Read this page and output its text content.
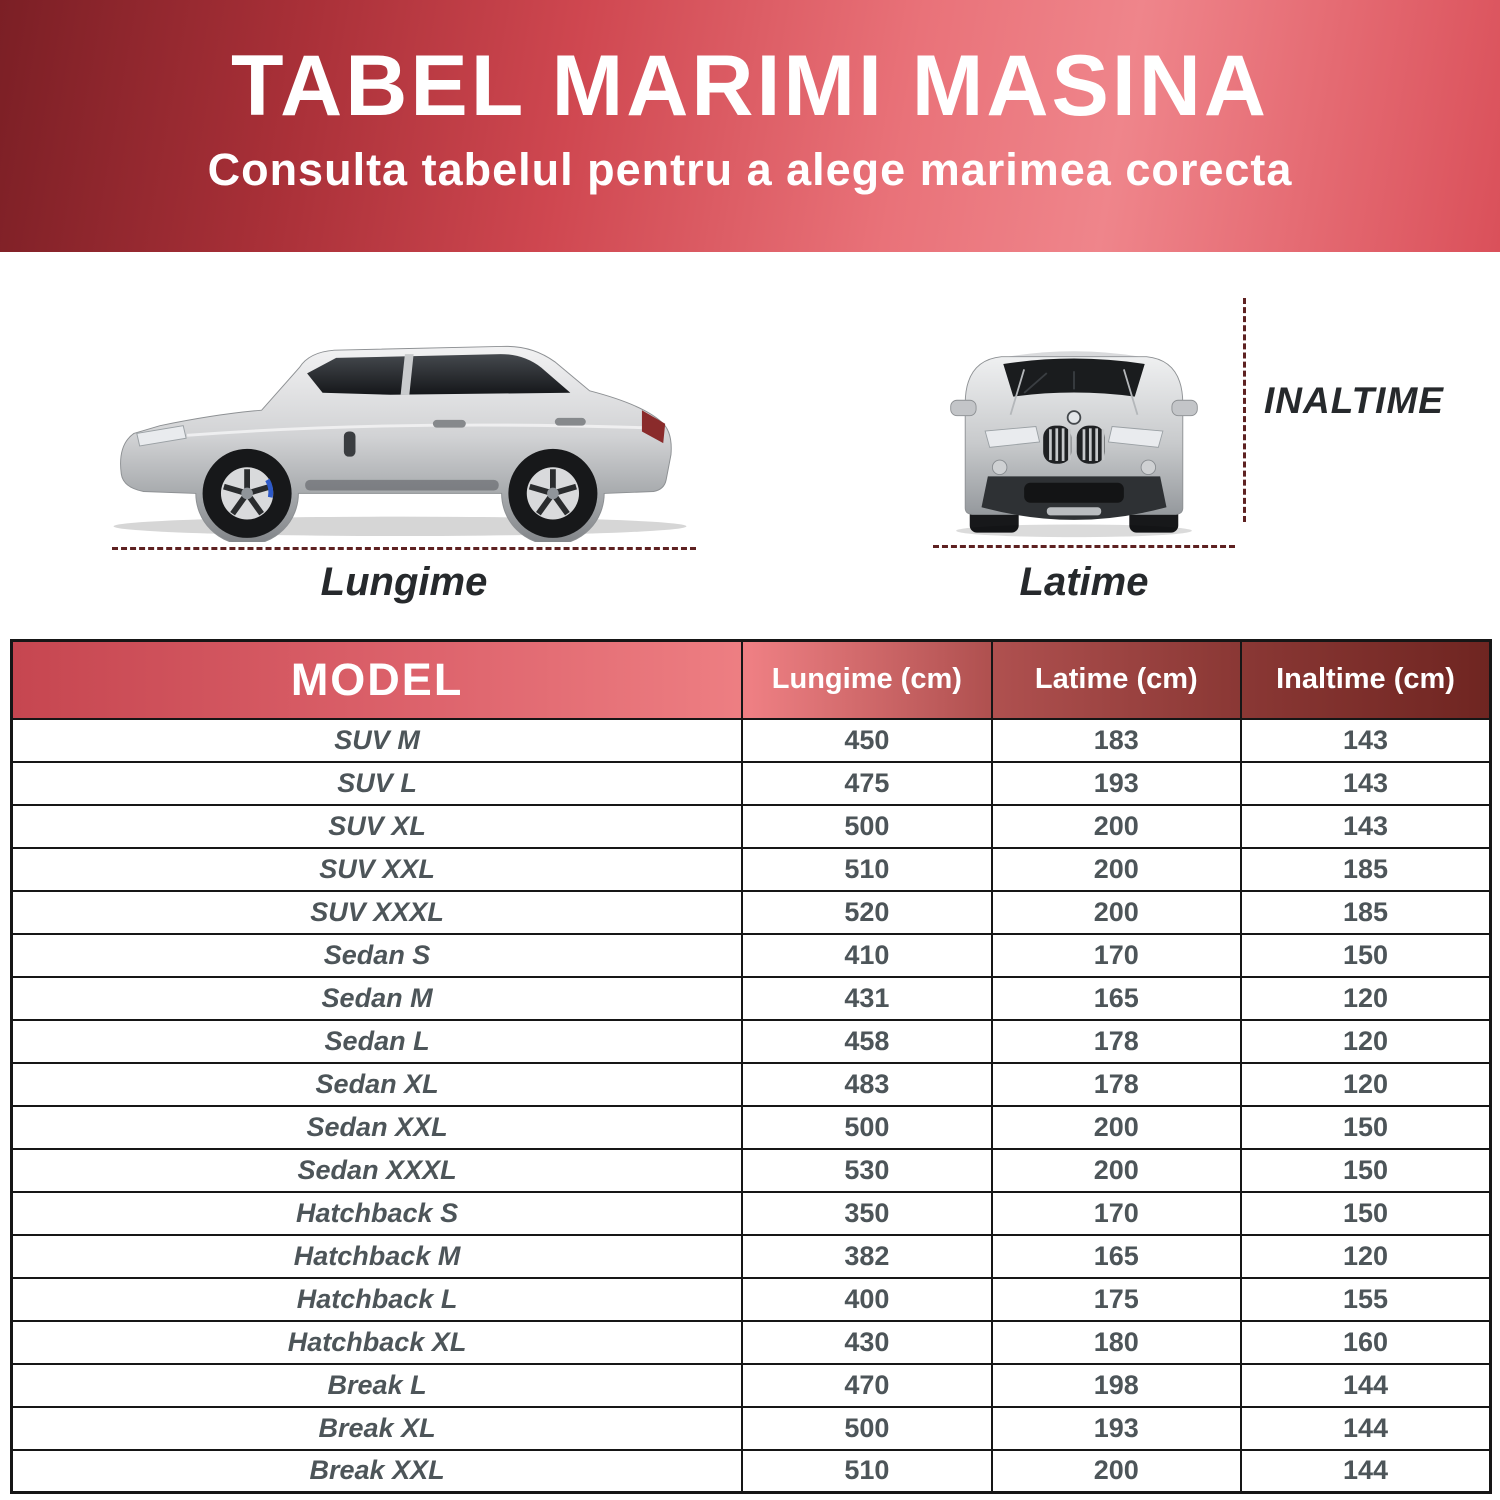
TABEL MARIMI MASINA
Consulta tabelul pentru a alege marimea corecta
Lungime	Latime
INALTIME
MODEL	Lungime (cm)	Latime (cm)	Inaltime (cm)
SUV M	450	183	143
SUV L	475	193	143
SUV XL	500	200	143
SUV XXL	510	200	185
SUV XXXL	520	200	185
Sedan S	410	170	150
Sedan M	431	165	120
Sedan L	458	178	120
Sedan XL	483	178	120
Sedan XXL	500	200	150
Sedan XXXL	530	200	150
Hatchback S	350	170	150
Hatchback M	382	165	120
Hatchback L	400	175	155
Hatchback XL	430	180	160
Break L	470	198	144
Break XL	500	193	144
Break XXL	510	200	144
